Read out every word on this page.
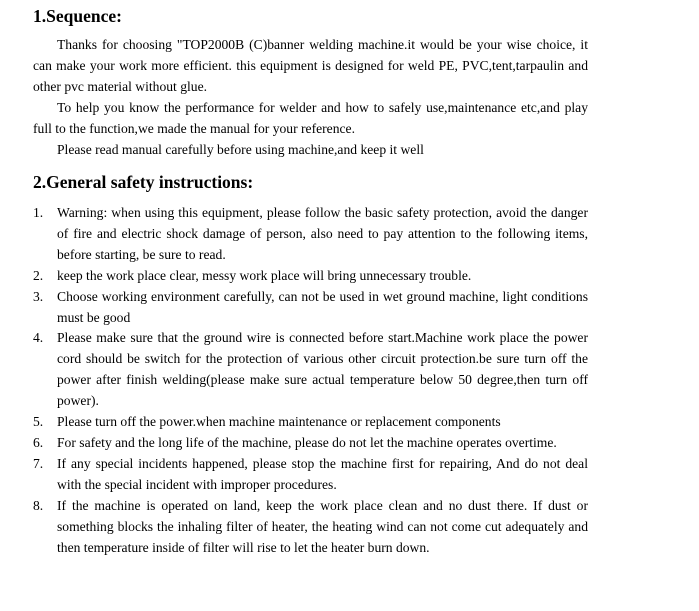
1.Sequence:

Thanks for choosing "TOP2000B (C)banner welding machine.it would be your wise choice, it can make your work more efficient. this equipment is designed for weld PE, PVC,tent,tarpaulin and other pvc material without glue.

To help you know the performance for welder and how to safely use,maintenance etc,and play full to the function,we made the manual for your reference.

Please read manual carefully before using machine,and keep it well

2.General safety instructions:
1. Warning: when using this equipment, please follow the basic safety protection, avoid the danger of fire and electric shock damage of person, also need to pay attention to the following items, before starting, be sure to read.
2. keep the work place clear, messy work place will bring unnecessary trouble.
3. Choose working environment carefully, can not be used in wet ground machine, light conditions must be good
4. Please make sure that the ground wire is connected before start.Machine work place the power cord should be switch for the protection of various other circuit protection.be sure turn off the power after finish welding(please make sure actual temperature below 50 degree,then turn off power).
5. Please turn off the power.when machine maintenance or replacement components
6. For safety and the long life of the machine, please do not let the machine operates overtime.
7. If any special incidents happened, please stop the machine first for repairing, And do not deal with the special incident with improper procedures.
8. If the machine is operated on land, keep the work place clean and no dust there. If dust or something blocks the inhaling filter of heater, the heating wind can not come cut adequately and then temperature inside of filter will rise to let the heater burn down.
